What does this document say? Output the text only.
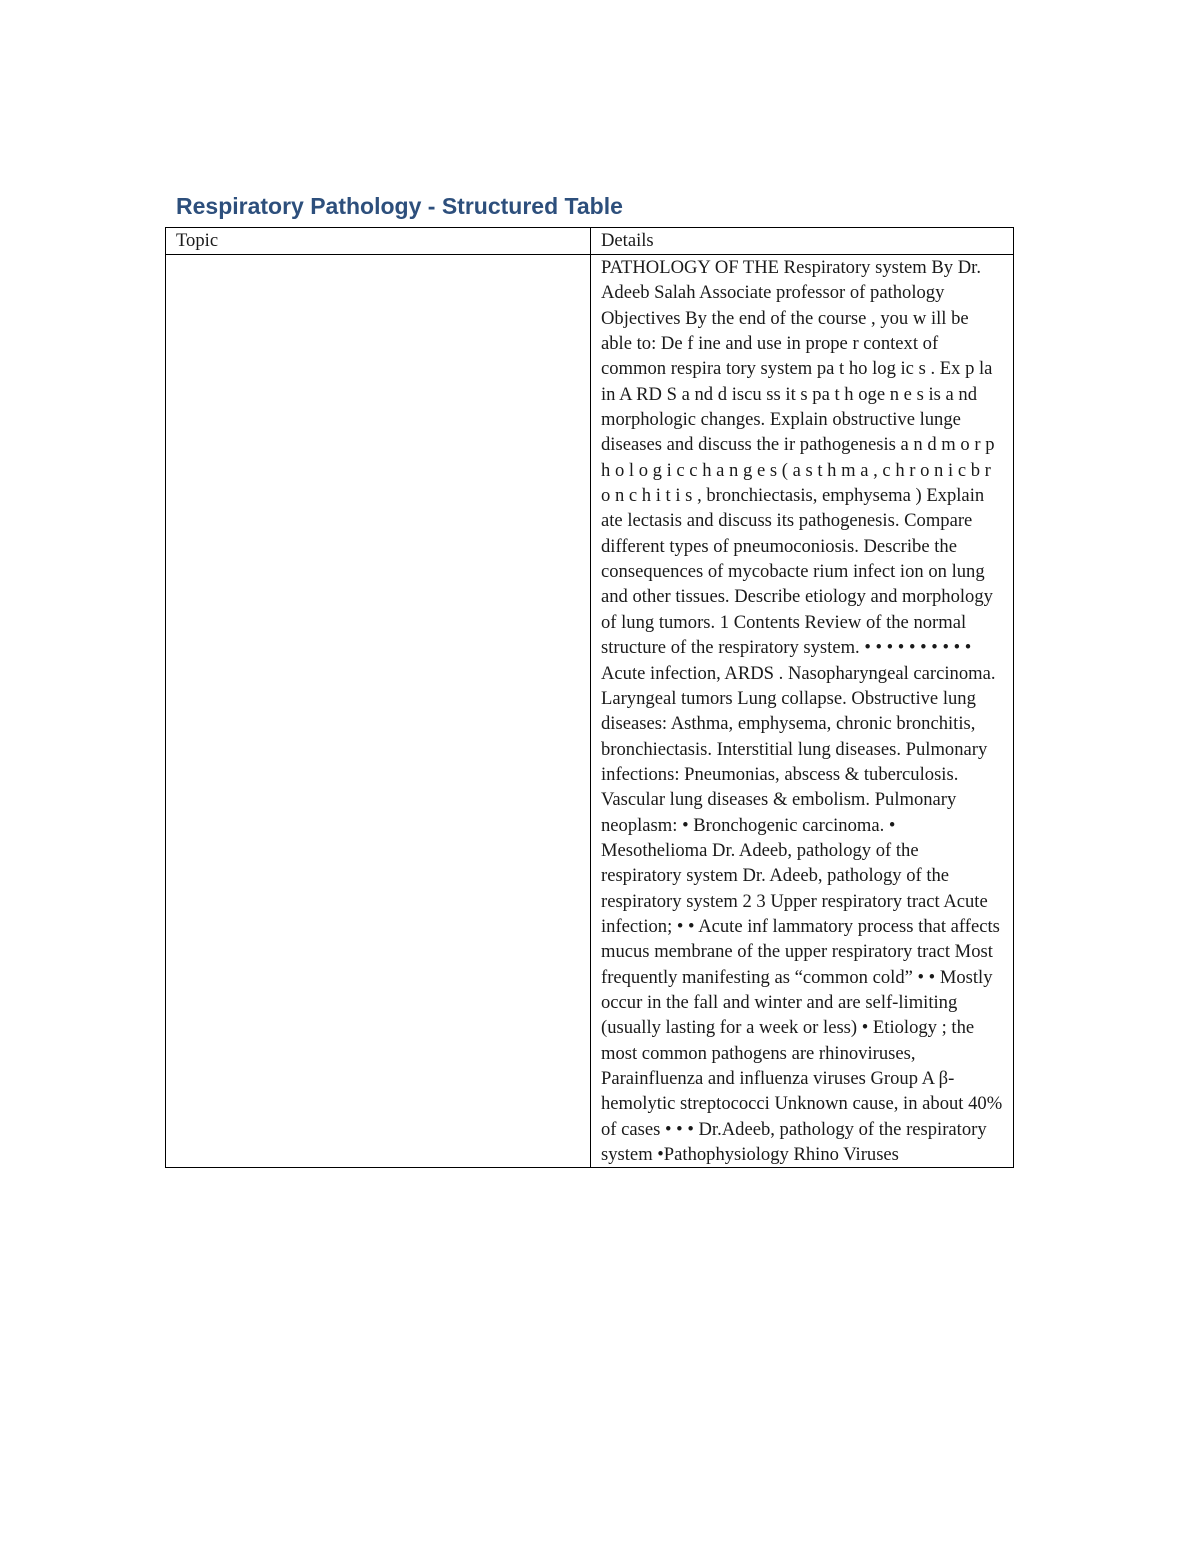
Respiratory Pathology - Structured Table
Topic	Details
	PATHOLOGY OF THE Respiratory system By Dr. Adeeb Salah Associate professor of pathology Objectives By the end of the course , you w ill be able to: De f ine and use in prope r context of common respira tory system pa t ho log ic s . Ex p la in A RD S a nd d iscu ss it s pa t h oge n e s is a nd morphologic changes. Explain obstructive lunge diseases and discuss the ir pathogenesis a n d m o r p h o l o g i c c h a n g e s ( a s t h m a , c h r o n i c b r o n c h i t i s , bronchiectasis, emphysema ) Explain ate lectasis and discuss its pathogenesis. Compare different types of pneumoconiosis. Describe the consequences of mycobacte rium infect ion on lung and other tissues. Describe etiology and morphology of lung tumors. 1 Contents Review of the normal structure of the respiratory system. • • • • • • • • • • Acute infection, ARDS . Nasopharyngeal carcinoma. Laryngeal tumors Lung collapse. Obstructive lung diseases: Asthma, emphysema, chronic bronchitis, bronchiectasis. Interstitial lung diseases. Pulmonary infections: Pneumonias, abscess & tuberculosis. Vascular lung diseases & embolism. Pulmonary neoplasm: • Bronchogenic carcinoma. • Mesothelioma Dr. Adeeb, pathology of the respiratory system Dr. Adeeb, pathology of the respiratory system 2 3 Upper respiratory tract Acute infection; • • Acute inf lammatory process that affects mucus membrane of the upper respiratory tract Most frequently manifesting as “common cold” • • Mostly occur in the fall and winter and are self-limiting (usually lasting for a week or less) • Etiology ; the most common pathogens are rhinoviruses, Parainfluenza and influenza viruses Group A β-hemolytic streptococci Unknown cause, in about 40% of cases • • • Dr.Adeeb, pathology of the respiratory system •Pathophysiology Rhino Viruses
